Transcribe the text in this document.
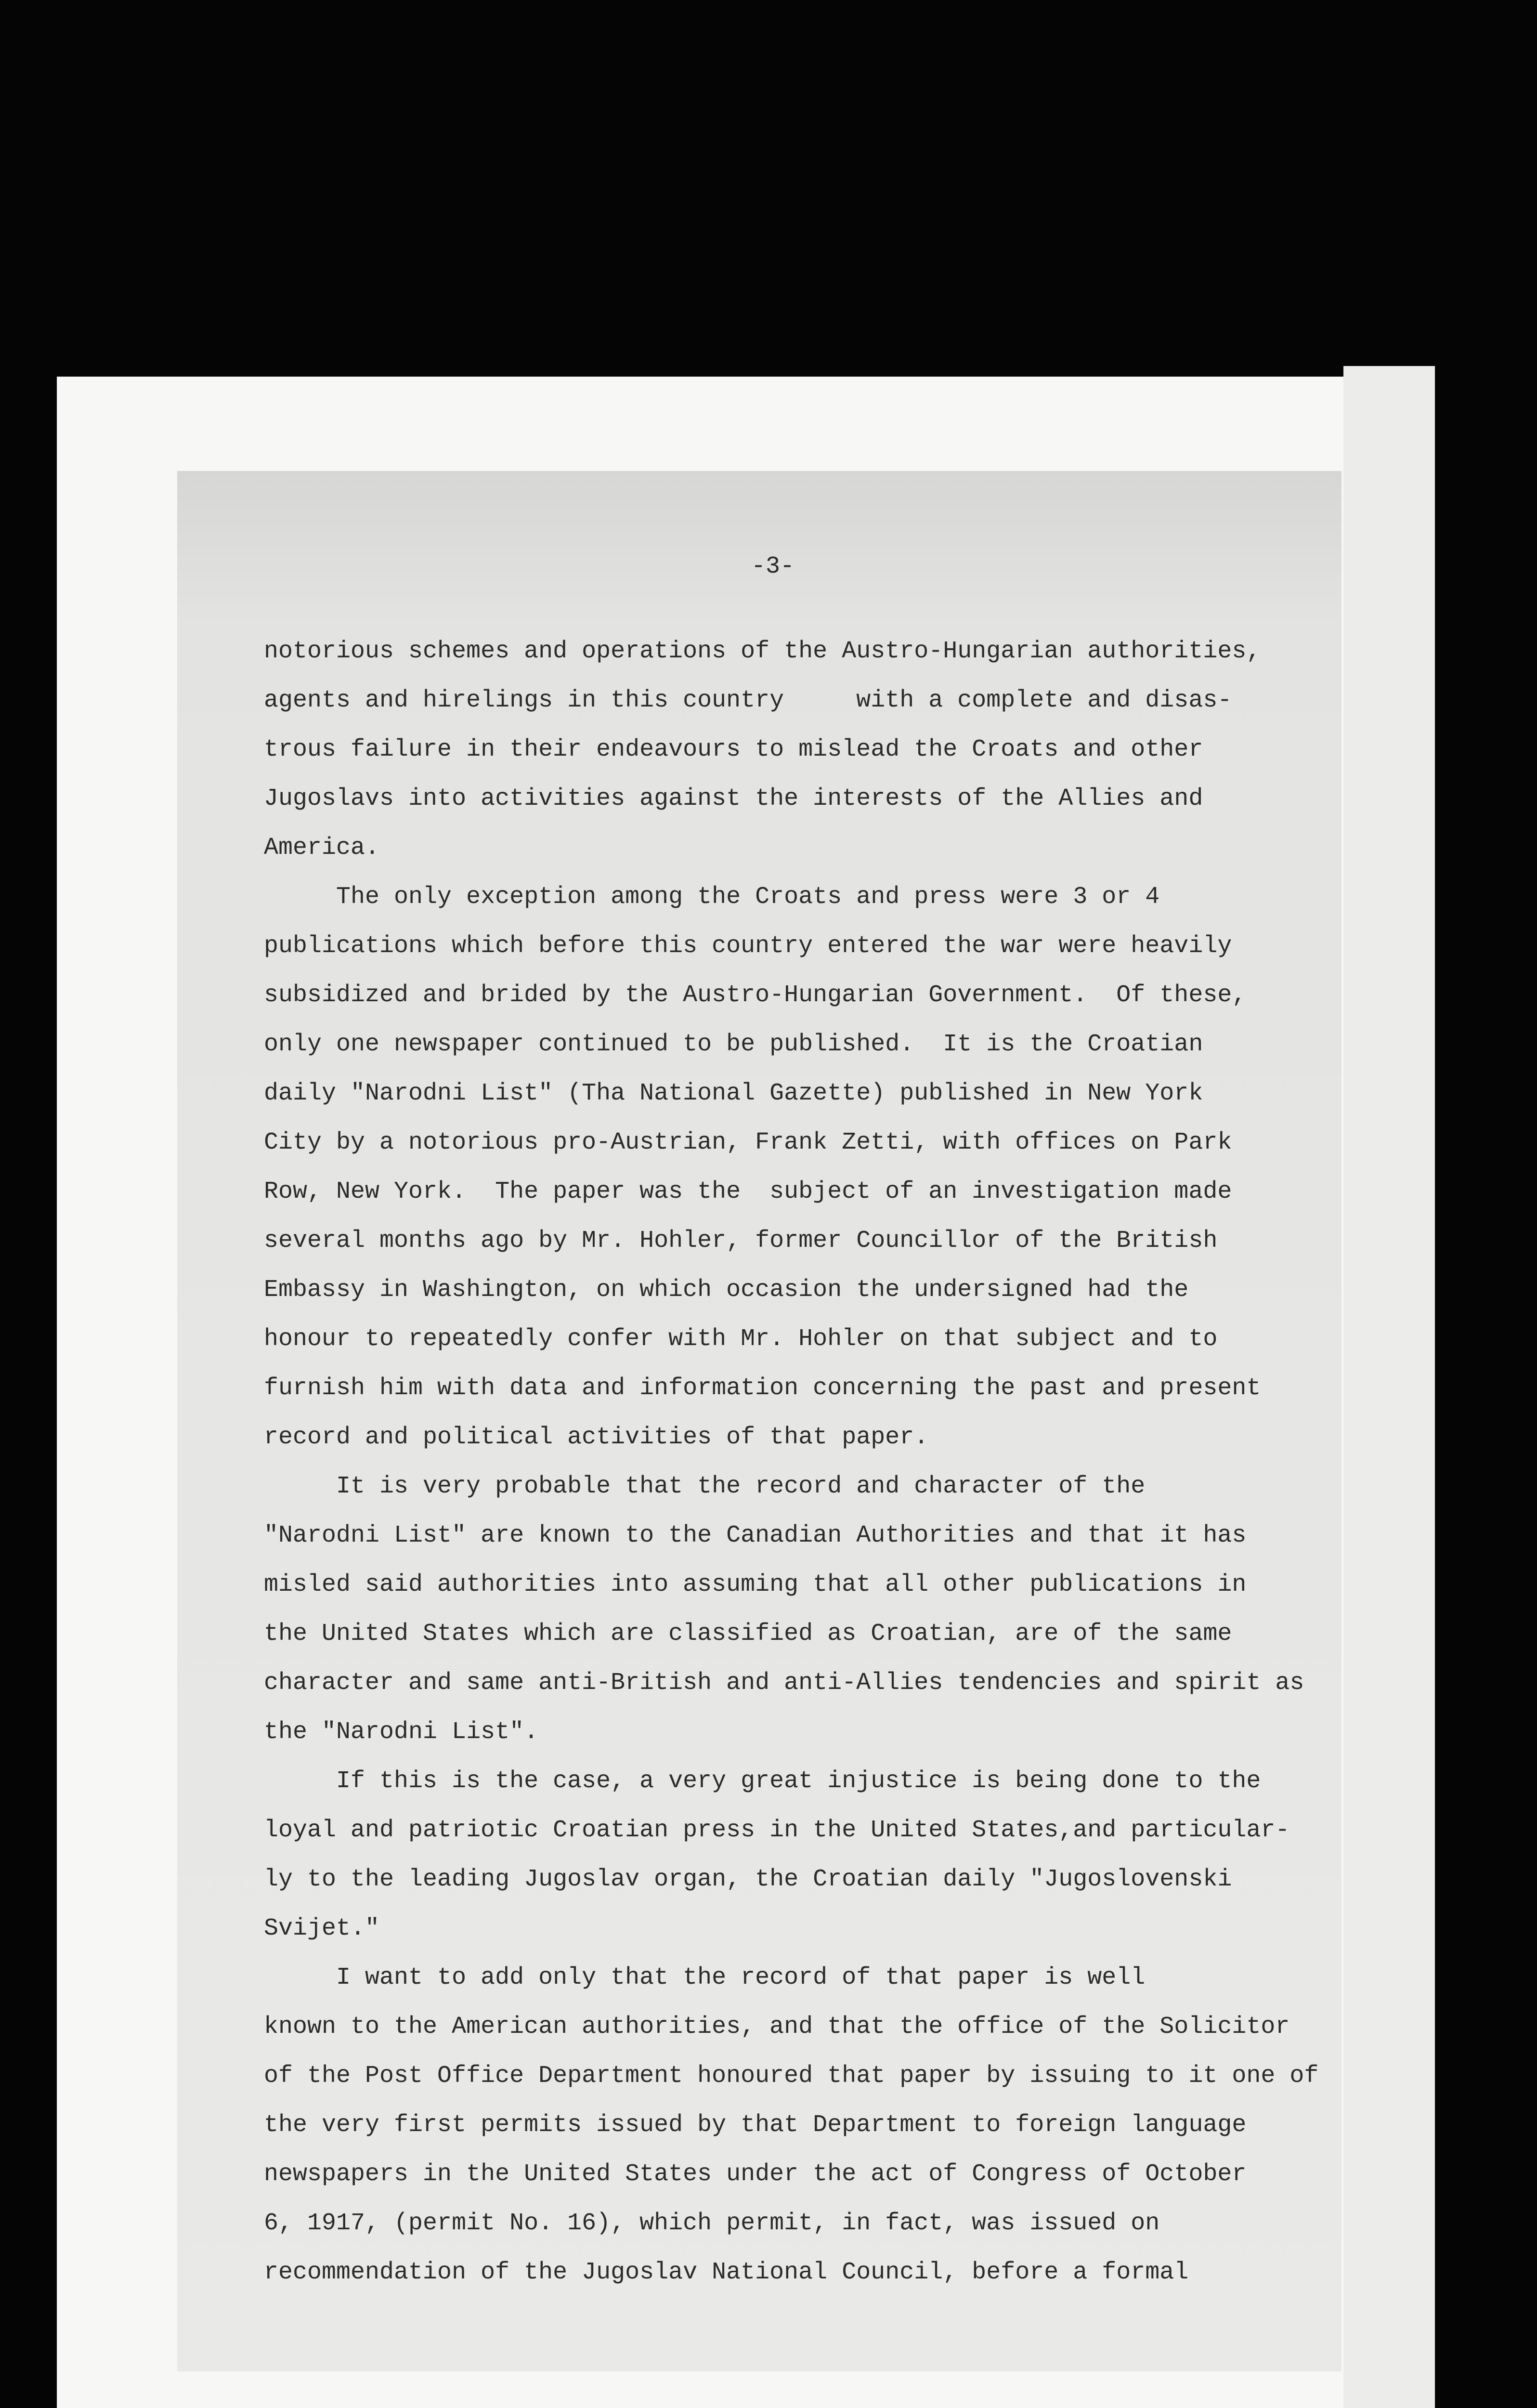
-3-
notorious schemes and operations of the Austro-Hungarian authorities,
agents and hirelings in this country     with a complete and disas-
trous failure in their endeavours to mislead the Croats and other
Jugoslavs into activities against the interests of the Allies and
America.
The only exception among the Croats and press were 3 or 4
publications which before this country entered the war were heavily
subsidized and brided by the Austro-Hungarian Government.  Of these,
only one newspaper continued to be published.  It is the Croatian
daily "Narodni List" (Tha National Gazette) published in New York
City by a notorious pro-Austrian, Frank Zetti, with offices on Park
Row, New York.  The paper was the  subject of an investigation made
several months ago by Mr. Hohler, former Councillor of the British
Embassy in Washington, on which occasion the undersigned had the
honour to repeatedly confer with Mr. Hohler on that subject and to
furnish him with data and information concerning the past and present
record and political activities of that paper.
It is very probable that the record and character of the
"Narodni List" are known to the Canadian Authorities and that it has
misled said authorities into assuming that all other publications in
the United States which are classified as Croatian, are of the same
character and same anti-British and anti-Allies tendencies and spirit as
the "Narodni List".
If this is the case, a very great injustice is being done to the
loyal and patriotic Croatian press in the United States,and particular-
ly to the leading Jugoslav organ, the Croatian daily "Jugoslovenski
Svijet."
I want to add only that the record of that paper is well
known to the American authorities, and that the office of the Solicitor
of the Post Office Department honoured that paper by issuing to it one of
the very first permits issued by that Department to foreign language
newspapers in the United States under the act of Congress of October
6, 1917, (permit No. 16), which permit, in fact, was issued on
recommendation of the Jugoslav National Council, before a formal
